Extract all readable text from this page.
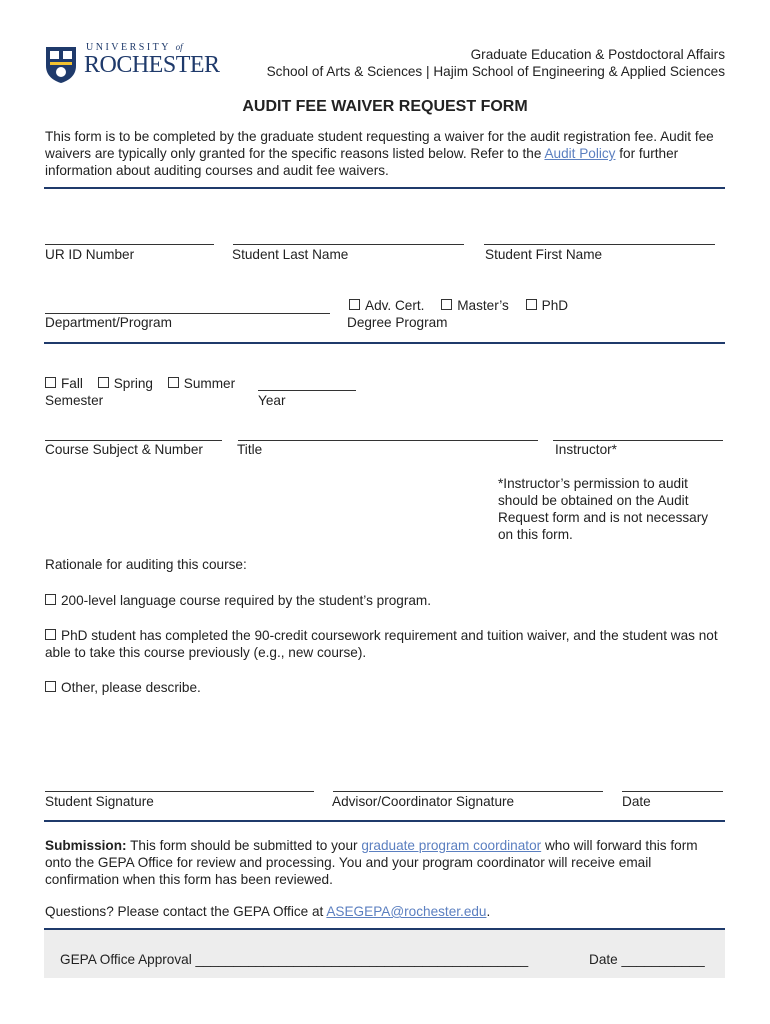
UNIVERSITY of
ROCHESTER	Graduate Education & Postdoctoral Affairs
School of Arts & Sciences | Hajim School of Engineering & Applied Sciences
AUDIT FEE WAIVER REQUEST FORM
This form is to be completed by the graduate student requesting a waiver for the audit registration fee. Audit fee waivers are typically only granted for the specific reasons listed below. Refer to the Audit Policy for further information about auditing courses and audit fee waivers.
UR ID Number	Student Last Name	Student First Name
Department/Program
Adv. Cert. Master’s PhD
Degree Program
Fall Spring Summer
Semester	Year
Course Subject & Number	Title	Instructor*
*Instructor’s permission to audit should be obtained on the Audit Request form and is not necessary on this form.
Rationale for auditing this course:
200-level language course required by the student’s program.
PhD student has completed the 90-credit coursework requirement and tuition waiver, and the student was not able to take this course previously (e.g., new course).
Other, please describe.
Student Signature	Advisor/Coordinator Signature	Date
Submission: This form should be submitted to your graduate program coordinator who will forward this form onto the GEPA Office for review and processing. You and your program coordinator will receive email confirmation when this form has been reviewed.
Questions? Please contact the GEPA Office at ASEGEPA@rochester.edu.
GEPA Office Approval ____________________________________________	Date ___________
